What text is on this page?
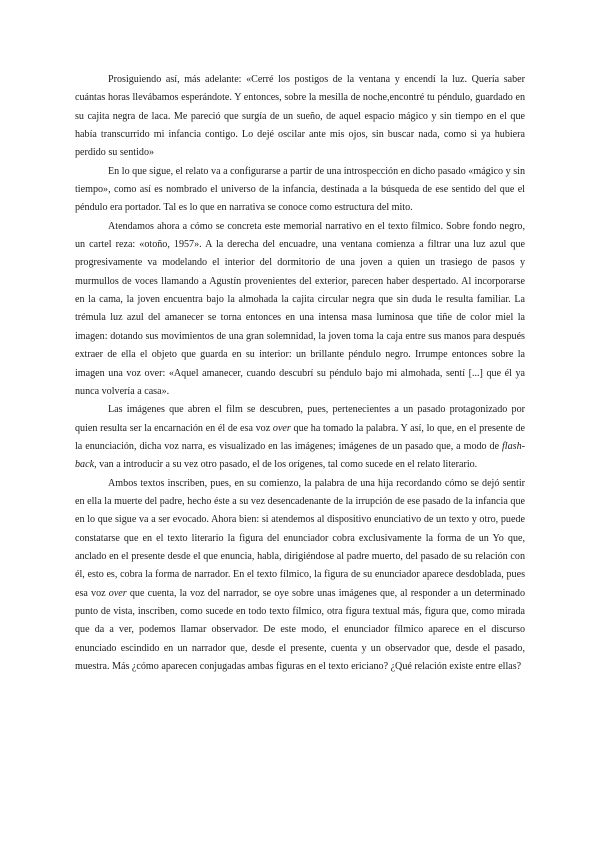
Prosiguiendo así, más adelante: «Cerré los postigos de la ventana y encendí la luz. Quería saber cuántas horas llevábamos esperándote. Y entonces, sobre la mesilla de noche,encontré tu péndulo, guardado en su cajita negra de laca. Me pareció que surgía de un sueño, de aquel espacio mágico y sin tiempo en el que había transcurrido mi infancia contigo. Lo dejé oscilar ante mis ojos, sin buscar nada, como si ya hubiera perdido su sentido»

En lo que sigue, el relato va a configurarse a partir de una introspección en dicho pasado «mágico y sin tiempo», como así es nombrado el universo de la infancia, destinada a la búsqueda de ese sentido del que el péndulo era portador. Tal es lo que en narrativa se conoce como estructura del mito.

Atendamos ahora a cómo se concreta este memorial narrativo en el texto fílmico. Sobre fondo negro, un cartel reza: «otoño, 1957». A la derecha del encuadre, una ventana comienza a filtrar una luz azul que progresivamente va modelando el interior del dormitorio de una joven a quien un trasiego de pasos y murmullos de voces llamando a Agustín provenientes del exterior, parecen haber despertado. Al incorporarse en la cama, la joven encuentra bajo la almohada la cajita circular negra que sin duda le resulta familiar. La trémula luz azul del amanecer se torna entonces en una intensa masa luminosa que tiñe de color miel la imagen: dotando sus movimientos de una gran solemnidad, la joven toma la caja entre sus manos para después extraer de ella el objeto que guarda en su interior: un brillante péndulo negro. Irrumpe entonces sobre la imagen una voz over: «Aquel amanecer, cuando descubrí su péndulo bajo mi almohada, sentí [...] que él ya nunca volvería a casa».

Las imágenes que abren el film se descubren, pues, pertenecientes a un pasado protagonizado por quien resulta ser la encarnación en él de esa voz over que ha tomado la palabra. Y así, lo que, en el presente de la enunciación, dicha voz narra, es visualizado en las imágenes; imágenes de un pasado que, a modo de flash-back, van a introducir a su vez otro pasado, el de los orígenes, tal como sucede en el relato literario.

Ambos textos inscriben, pues, en su comienzo, la palabra de una hija recordando cómo se dejó sentir en ella la muerte del padre, hecho éste a su vez desencadenante de la irrupción de ese pasado de la infancia que en lo que sigue va a ser evocado. Ahora bien: si atendemos al dispositivo enunciativo de un texto y otro, puede constatarse que en el texto literario la figura del enunciador cobra exclusivamente la forma de un Yo que, anclado en el presente desde el que enuncia, habla, dirigiéndose al padre muerto, del pasado de su relación con él, esto es, cobra la forma de narrador. En el texto fílmico, la figura de su enunciador aparece desdoblada, pues esa voz over que cuenta, la voz del narrador, se oye sobre unas imágenes que, al responder a un determinado punto de vista, inscriben, como sucede en todo texto fílmico, otra figura textual más, figura que, como mirada que da a ver, podemos llamar observador. De este modo, el enunciador fílmico aparece en el discurso enunciado escindido en un narrador que, desde el presente, cuenta y un observador que, desde el pasado, muestra. Más ¿cómo aparecen conjugadas ambas figuras en el texto ericiano? ¿Qué relación existe entre ellas?
